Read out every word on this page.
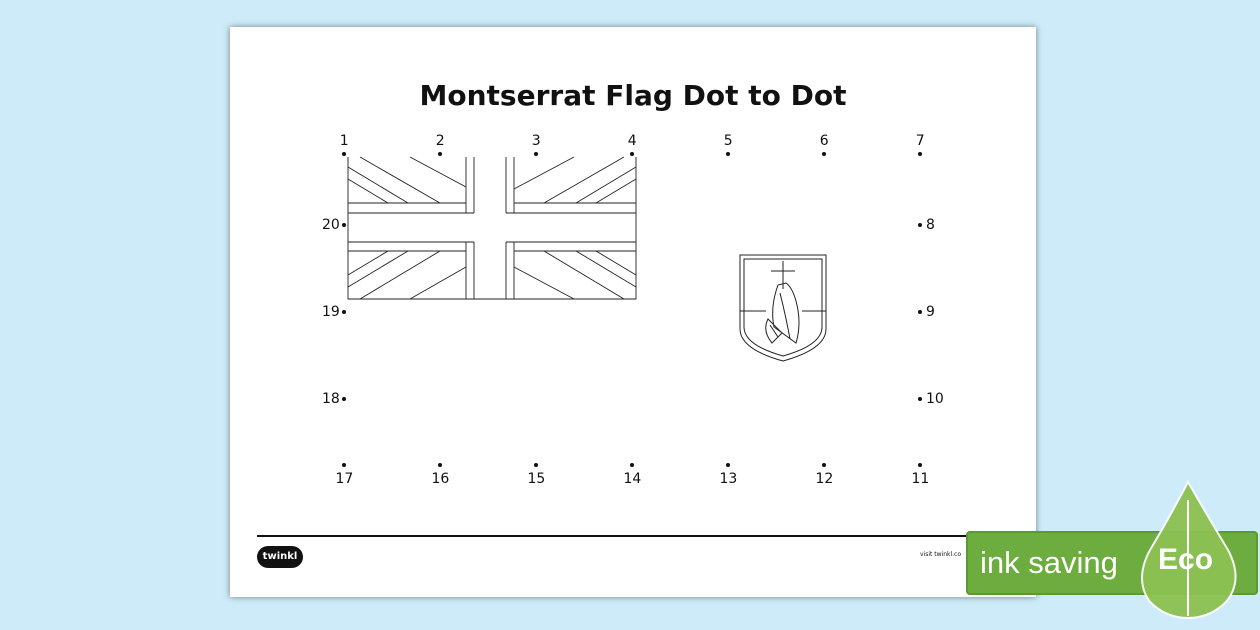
Montserrat Flag Dot to Dot
1	2	3	4	5	6	7
8
9
10
11
12
13
14
15
16
17
18
19
20
twinkl	visit twinkl.co ink saving Eco
